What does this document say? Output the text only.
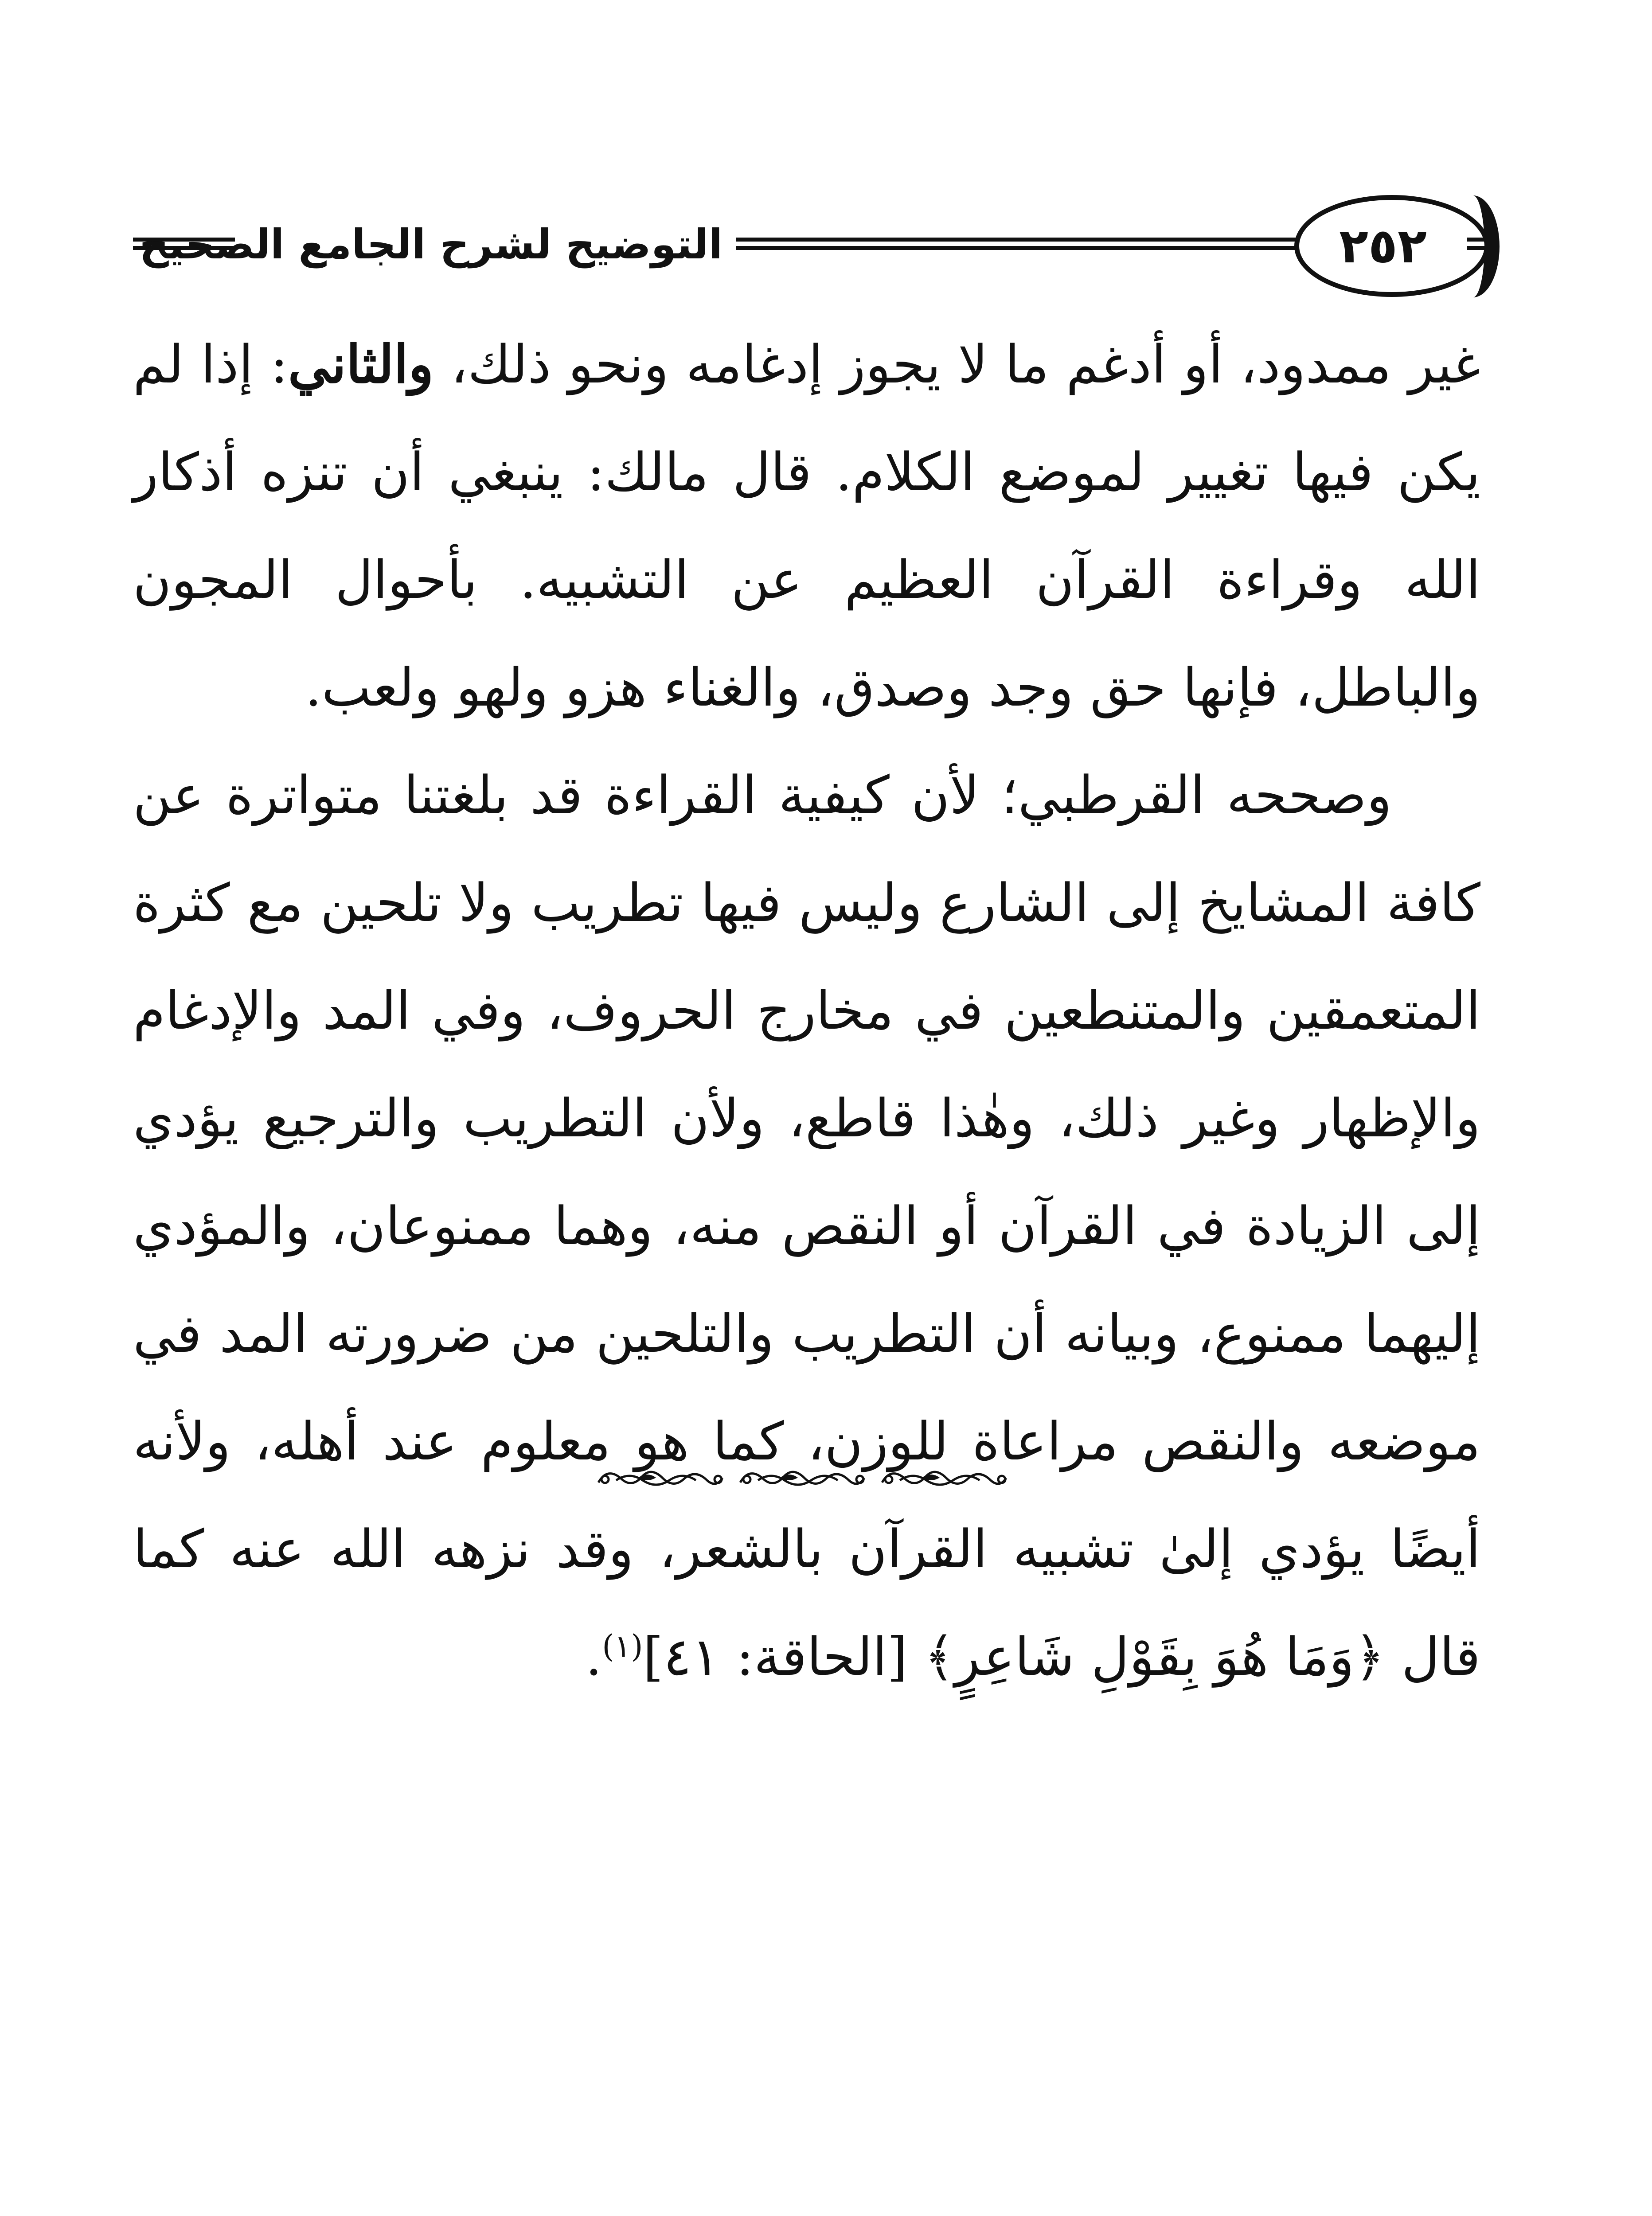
التوضيح لشرح الجامع الصحيح	٢٥٢

غير ممدود، أو أدغم ما لا يجوز إدغامه ونحو ذلك، والثاني: إذا لم يكن فيها تغيير لموضع الكلام. قال مالك: ينبغي أن تنزه أذكار الله وقراءة القرآن العظيم عن التشبيه. بأحوال المجون والباطل، فإنها حق وجد وصدق، والغناء هزو ولهو ولعب.

وصححه القرطبي؛ لأن كيفية القراءة قد بلغتنا متواترة عن كافة المشايخ إلى الشارع وليس فيها تطريب ولا تلحين مع كثرة المتعمقين والمتنطعين في مخارج الحروف، وفي المد والإدغام والإظهار وغير ذلك، وهٰذا قاطع، ولأن التطريب والترجيع يؤدي إلى الزيادة في القرآن أو النقص منه، وهما ممنوعان، والمؤدي إليهما ممنوع، وبيانه أن التطريب والتلحين من ضرورته المد في موضعه والنقص مراعاة للوزن، كما هو معلوم عند أهله، ولأنه أيضًا يؤدي إلىٰ تشبيه القرآن بالشعر، وقد نزهه الله عنه كما قال ﴿وَمَا هُوَ بِقَوْلِ شَاعِرٍ﴾ [الحاقة: ٤١]$^{(١)}$.
